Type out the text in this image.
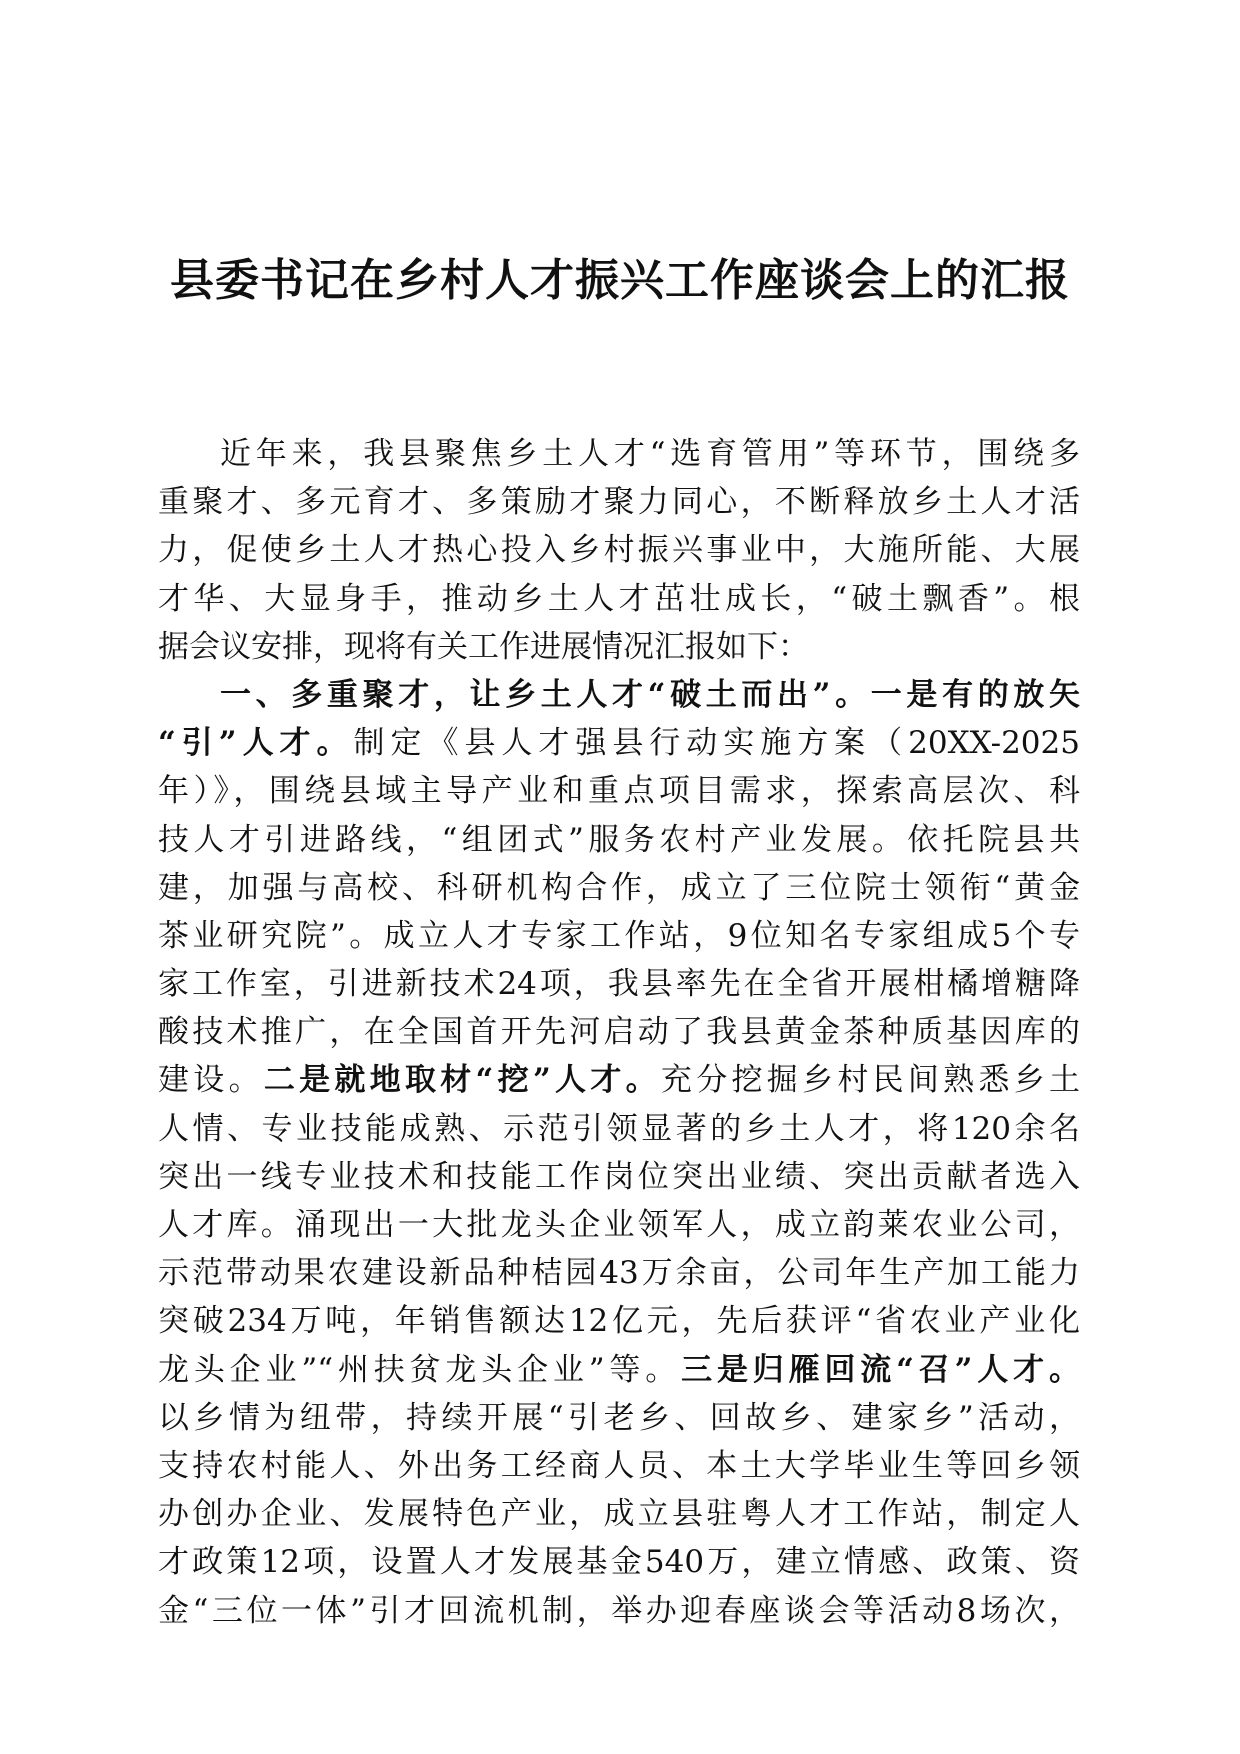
县委书记在乡村人才振兴工作座谈会上的汇报
近年来，我县聚焦乡土人才“选育管用”等环节，围绕多
重聚才、多元育才、多策励才聚力同心，不断释放乡土人才活
力，促使乡土人才热心投入乡村振兴事业中，大施所能、大展
才华、大显身手，推动乡土人才茁壮成长，“破土飘香”。根
据会议安排，现将有关工作进展情况汇报如下：
一、多重聚才，让乡土人才“破土而出”。一是有的放矢
“引”人才。制定《县人才强县行动实施方案（20XX-2025
年）》，围绕县域主导产业和重点项目需求，探索高层次、科
技人才引进路线，“组团式”服务农村产业发展。依托院县共
建，加强与高校、科研机构合作，成立了三位院士领衔“黄金
茶业研究院”。成立人才专家工作站，9位知名专家组成5个专
家工作室，引进新技术24项，我县率先在全省开展柑橘增糖降
酸技术推广，在全国首开先河启动了我县黄金茶种质基因库的
建设。二是就地取材“挖”人才。充分挖掘乡村民间熟悉乡土
人情、专业技能成熟、示范引领显著的乡土人才，将120余名
突出一线专业技术和技能工作岗位突出业绩、突出贡献者选入
人才库。涌现出一大批龙头企业领军人，成立韵莱农业公司，
示范带动果农建设新品种桔园43万余亩，公司年生产加工能力
突破234万吨，年销售额达12亿元，先后获评“省农业产业化
龙头企业”“州扶贫龙头企业”等。三是归雁回流“召”人才。
以乡情为纽带，持续开展“引老乡、回故乡、建家乡”活动，
支持农村能人、外出务工经商人员、本土大学毕业生等回乡领
办创办企业、发展特色产业，成立县驻粤人才工作站，制定人
才政策12项，设置人才发展基金540万，建立情感、政策、资
金“三位一体”引才回流机制，举办迎春座谈会等活动8场次，
